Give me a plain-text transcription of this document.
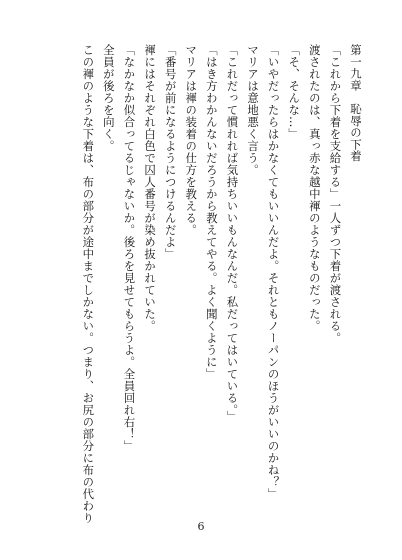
第一九章　恥辱の下着
「これから下着を支給する」一人ずつ下着が渡される。
渡されたのは、真っ赤な越中褌のようなものだった。
「そ、そんな…」
「いやだったらはかなくてもいいんだよ。それともノーパンのほうがいいのかね？」
マリアは意地悪く言う。
「これだって慣れれば気持ちいいもんなんだ。私だってはいている。」
「はき方わかんないだろうから教えてやる。よく聞くように」
マリアは褌の装着の仕方を教える。
「番号が前になるようにつけるんだよ」
褌にはそれぞれ白色で囚人番号が染め抜かれていた。
「なかなか似合ってるじゃないか。後ろを見せてもらうよ。全員回れ右！」
全員が後ろを向く。
この褌のような下着は、布の部分が途中までしかない。つまり、お尻の部分に布の代わり
6
